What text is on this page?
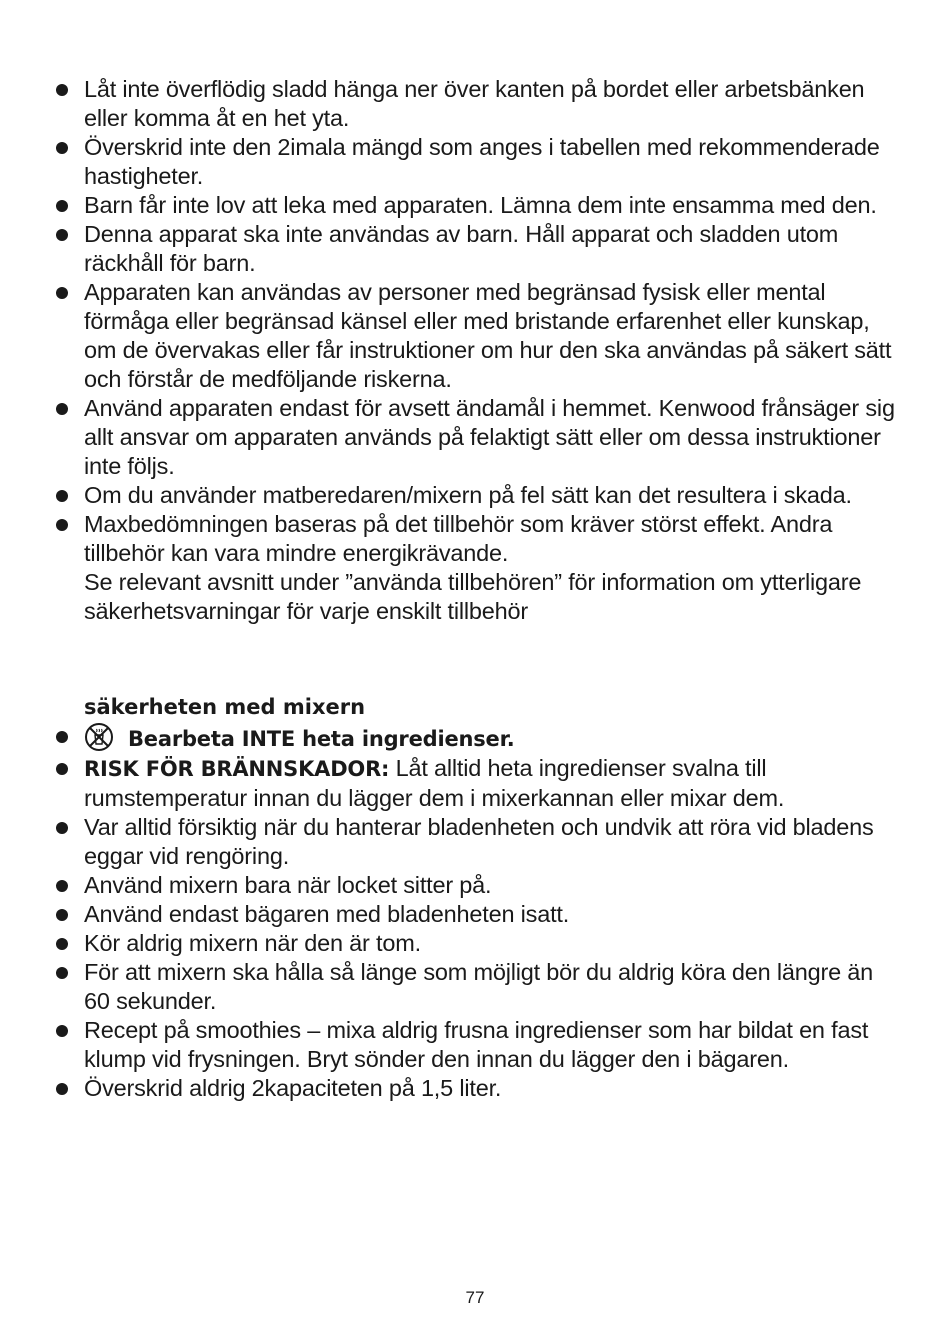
Låt inte överflödig sladd hänga ner över kanten på bordet eller arbetsbänken eller komma åt en het yta.
Överskrid inte den 2imala mängd som anges i tabellen med rekommenderade hastigheter.
Barn får inte lov att leka med apparaten. Lämna dem inte ensamma med den.
Denna apparat ska inte användas av barn. Håll apparat och sladden utom räckhåll för barn.
Apparaten kan användas av personer med begränsad fysisk eller mental förmåga eller begränsad känsel eller med bristande erfarenhet eller kunskap, om de övervakas eller får instruktioner om hur den ska användas på säkert sätt och förstår de medföljande riskerna.
Använd apparaten endast för avsett ändamål i hemmet. Kenwood frånsäger sig allt ansvar om apparaten används på felaktigt sätt eller om dessa instruktioner inte följs.
Om du använder matberedaren/mixern på fel sätt kan det resultera i skada.
Maxbedömningen baseras på det tillbehör som kräver störst effekt. Andra tillbehör kan vara mindre energikrävande.
Se relevant avsnitt under ”använda tillbehören” för information om ytterligare säkerhetsvarningar för varje enskilt tillbehör
säkerheten med mixern
Bearbeta INTE heta ingredienser.
RISK FÖR BRÄNNSKADOR: Låt alltid heta ingredienser svalna till rumstemperatur innan du lägger dem i mixerkannan eller mixar dem.
Var alltid försiktig när du hanterar bladenheten och undvik att röra vid bladens eggar vid rengöring.
Använd mixern bara när locket sitter på.
Använd endast bägaren med bladenheten isatt.
Kör aldrig mixern när den är tom.
För att mixern ska hålla så länge som möjligt bör du aldrig köra den längre än 60 sekunder.
Recept på smoothies – mixa aldrig frusna ingredienser som har bildat en fast klump vid frysningen. Bryt sönder den innan du lägger den i bägaren.
Överskrid aldrig 2kapaciteten på 1,5 liter.
77
